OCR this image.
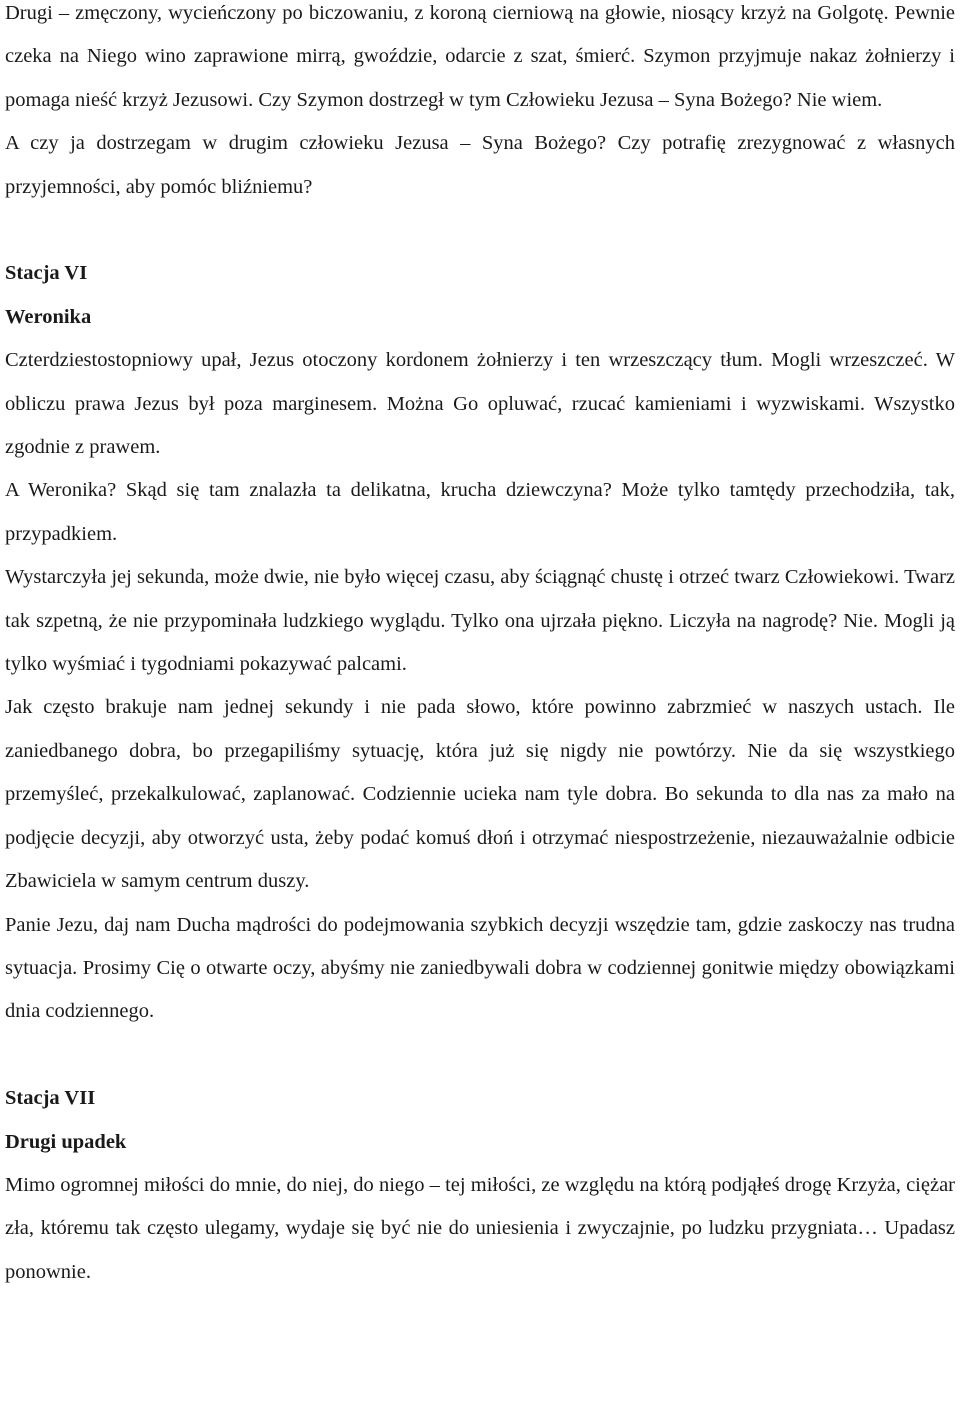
Drugi – zmęczony, wycieńczony po biczowaniu, z koroną cierniową na głowie, niosący krzyż na Golgotę. Pewnie czeka na Niego wino zaprawione mirrą, gwoździe, odarcie z szat, śmierć. Szymon przyjmuje nakaz żołnierzy i pomaga nieść krzyż Jezusowi. Czy Szymon dostrzegł w tym Człowieku Jezusa – Syna Bożego? Nie wiem.

A czy ja dostrzegam w drugim człowieku Jezusa – Syna Bożego? Czy potrafię zrezygnować z własnych przyjemności, aby pomóc bliźniemu?

Stacja VI

Weronika

Czterdziestostopniowy upał, Jezus otoczony kordonem żołnierzy i ten wrzeszczący tłum. Mogli wrzeszczeć. W obliczu prawa Jezus był poza marginesem. Można Go opluwać, rzucać kamieniami i wyzwiskami. Wszystko zgodnie z prawem.

A Weronika? Skąd się tam znalazła ta delikatna, krucha dziewczyna? Może tylko tamtędy przechodziła, tak, przypadkiem.

Wystarczyła jej sekunda, może dwie, nie było więcej czasu, aby ściągnąć chustę i otrzeć twarz Człowiekowi. Twarz tak szpetną, że nie przypominała ludzkiego wyglądu. Tylko ona ujrzała piękno. Liczyła na nagrodę? Nie. Mogli ją tylko wyśmiać i tygodniami pokazywać palcami.

Jak często brakuje nam jednej sekundy i nie pada słowo, które powinno zabrzmieć w naszych ustach. Ile zaniedbanego dobra, bo przegapiliśmy sytuację, która już się nigdy nie powtórzy. Nie da się wszystkiego przemyśleć, przekalkulować, zaplanować. Codziennie ucieka nam tyle dobra. Bo sekunda to dla nas za mało na podjęcie decyzji, aby otworzyć usta, żeby podać komuś dłoń i otrzymać niespostrzeżenie, niezauważalnie odbicie Zbawiciela w samym centrum duszy.

Panie Jezu, daj nam Ducha mądrości do podejmowania szybkich decyzji wszędzie tam, gdzie zaskoczy nas trudna sytuacja. Prosimy Cię o otwarte oczy, abyśmy nie zaniedbywali dobra w codziennej gonitwie między obowiązkami dnia codziennego.

Stacja VII

Drugi upadek

Mimo ogromnej miłości do mnie, do niej, do niego – tej miłości, ze względu na którą podjąłeś drogę Krzyża, ciężar zła, któremu tak często ulegamy, wydaje się być nie do uniesienia i zwyczajnie, po ludzku przygniata… Upadasz ponownie.
